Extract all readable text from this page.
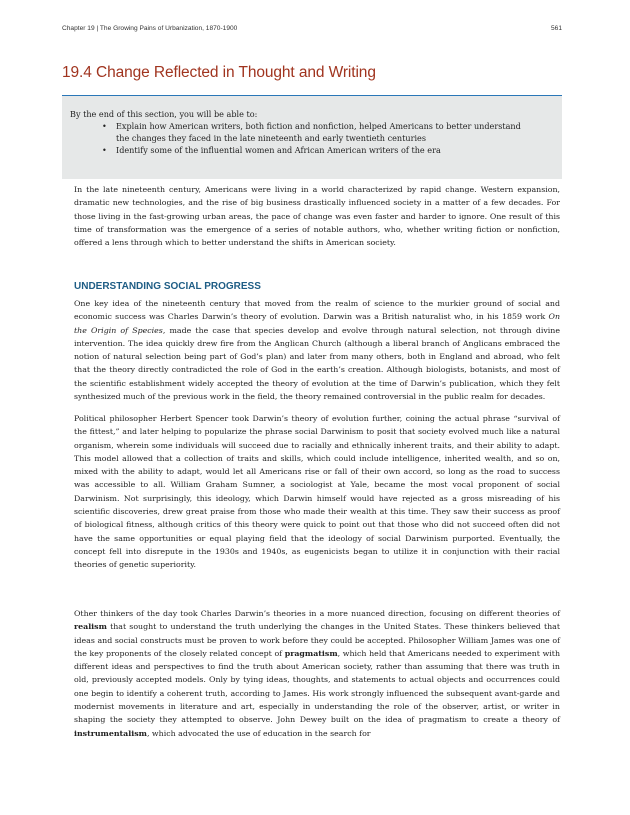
Chapter 19 | The Growing Pains of Urbanization, 1870-1900	561
19.4 Change Reflected in Thought and Writing
By the end of this section, you will be able to:
• Explain how American writers, both fiction and nonfiction, helped Americans to better understand the changes they faced in the late nineteenth and early twentieth centuries
• Identify some of the influential women and African American writers of the era

In the late nineteenth century, Americans were living in a world characterized by rapid change. Western expansion, dramatic new technologies, and the rise of big business drastically influenced society in a matter of a few decades. For those living in the fast-growing urban areas, the pace of change was even faster and harder to ignore. One result of this time of transformation was the emergence of a series of notable authors, who, whether writing fiction or nonfiction, offered a lens through which to better understand the shifts in American society.

UNDERSTANDING SOCIAL PROGRESS

One key idea of the nineteenth century that moved from the realm of science to the murkier ground of social and economic success was Charles Darwin’s theory of evolution. Darwin was a British naturalist who, in his 1859 work On the Origin of Species, made the case that species develop and evolve through natural selection, not through divine intervention. The idea quickly drew fire from the Anglican Church (although a liberal branch of Anglicans embraced the notion of natural selection being part of God’s plan) and later from many others, both in England and abroad, who felt that the theory directly contradicted the role of God in the earth’s creation. Although biologists, botanists, and most of the scientific establishment widely accepted the theory of evolution at the time of Darwin’s publication, which they felt synthesized much of the previous work in the field, the theory remained controversial in the public realm for decades.

Political philosopher Herbert Spencer took Darwin’s theory of evolution further, coining the actual phrase “survival of the fittest,” and later helping to popularize the phrase social Darwinism to posit that society evolved much like a natural organism, wherein some individuals will succeed due to racially and ethnically inherent traits, and their ability to adapt. This model allowed that a collection of traits and skills, which could include intelligence, inherited wealth, and so on, mixed with the ability to adapt, would let all Americans rise or fall of their own accord, so long as the road to success was accessible to all. William Graham Sumner, a sociologist at Yale, became the most vocal proponent of social Darwinism. Not surprisingly, this ideology, which Darwin himself would have rejected as a gross misreading of his scientific discoveries, drew great praise from those who made their wealth at this time. They saw their success as proof of biological fitness, although critics of this theory were quick to point out that those who did not succeed often did not have the same opportunities or equal playing field that the ideology of social Darwinism purported. Eventually, the concept fell into disrepute in the 1930s and 1940s, as eugenicists began to utilize it in conjunction with their racial theories of genetic superiority.

Other thinkers of the day took Charles Darwin’s theories in a more nuanced direction, focusing on different theories of realism that sought to understand the truth underlying the changes in the United States. These thinkers believed that ideas and social constructs must be proven to work before they could be accepted. Philosopher William James was one of the key proponents of the closely related concept of pragmatism, which held that Americans needed to experiment with different ideas and perspectives to find the truth about American society, rather than assuming that there was truth in old, previously accepted models. Only by tying ideas, thoughts, and statements to actual objects and occurrences could one begin to identify a coherent truth, according to James. His work strongly influenced the subsequent avant-garde and modernist movements in literature and art, especially in understanding the role of the observer, artist, or writer in shaping the society they attempted to observe. John Dewey built on the idea of pragmatism to create a theory of instrumentalism, which advocated the use of education in the search for
